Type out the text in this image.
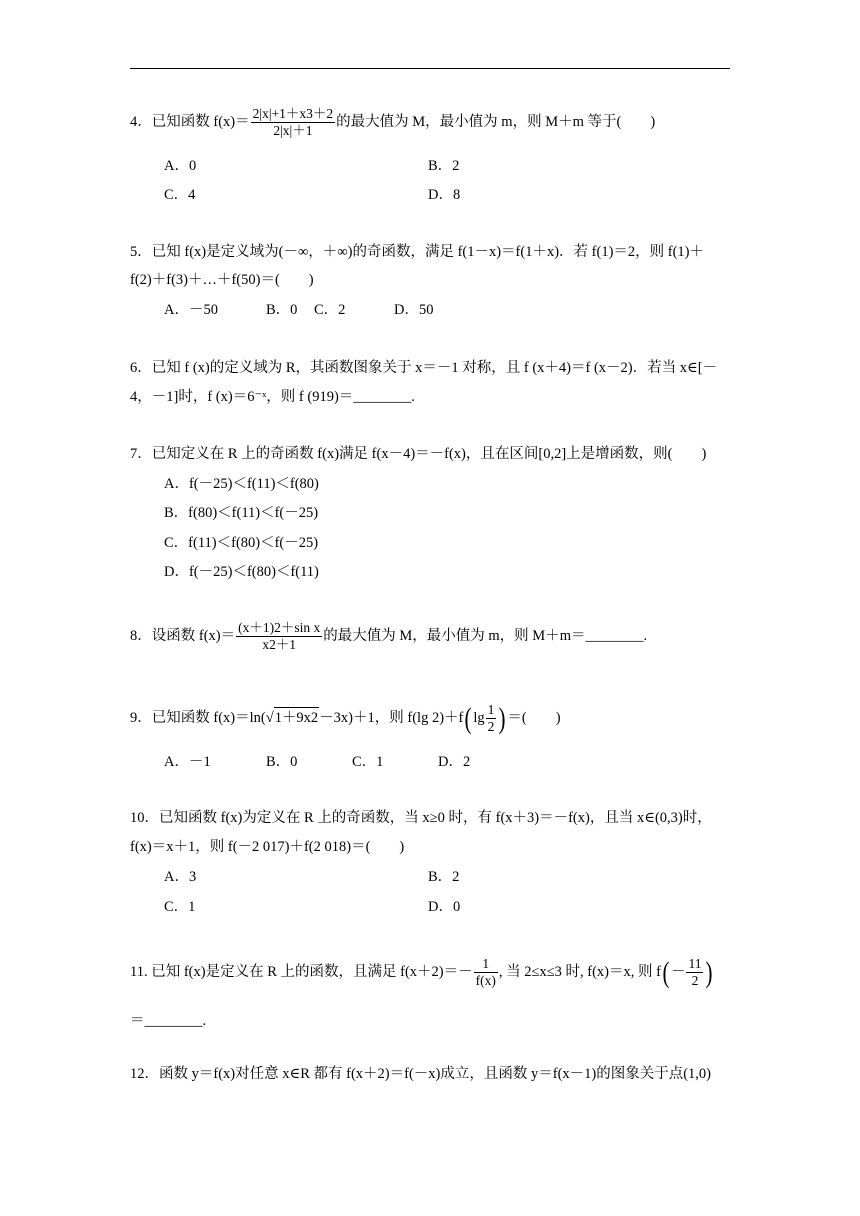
4．已知函数 $f(x)= \frac{2|x|+1+x3+2}{2|x|+1}$ 的最大值为 M，最小值为 m，则 M＋m 等于(　　)
A．0	B．2
C．4	D．8
5．已知 f(x)是定义域为(－∞，＋∞)的奇函数，满足 f(1－x)＝f(1＋x)．若 f(1)＝2，则 f(1)＋
f(2)＋f(3)＋…＋f(50)＝(　　)
A．－50	B．0 C．2	D．50
6．已知 f (x)的定义域为 R，其函数图象关于 x＝－1 对称，且 f (x＋4)＝f (x－2)．若当 x∈[－
4，－1]时，f (x)＝6⁻ˣ，则 f (919)＝________.
7．已知定义在 R 上的奇函数 f(x)满足 f(x－4)＝－f(x)，且在区间[0,2]上是增函数，则(　　)
A．f(－25)＜f(11)＜f(80)
B．f(80)＜f(11)＜f(－25)
C．f(11)＜f(80)＜f(－25)
D．f(－25)＜f(80)＜f(11)
8．设函数 $f(x)= \frac{\text{(x＋1)2＋sin x}}{x2+1}$ 的最大值为 M，最小值为 m，则 M＋m＝________.
9．已知函数 f(x)＝ln(√1＋9x2－3x)＋1，则 f(lg 2)＋f( $\lg \frac{1}{2}$ ) ＝(　　)
A．－1	B．0	C．1	D．2
10．已知函数 f(x)为定义在 R 上的奇函数，当 x≥0 时，有 f(x＋3)＝－f(x)，且当 x∈(0,3)时，
f(x)＝x＋1，则 f(－2 017)＋f(2 018)＝(　　)
A．3	B．2
C．1	D．0
11. 已知 f(x)是定义在 R 上的函数，且满足 $f(x+2)=- \frac{1}{f(x)}$ , 当 2≤x≤3 时, f(x)＝x, 则 $f( - \frac{11}{2}$ )
＝________.
12．函数 y＝f(x)对任意 x∈R 都有 f(x＋2)＝f(－x)成立，且函数 y＝f(x－1)的图象关于点(1,0)
